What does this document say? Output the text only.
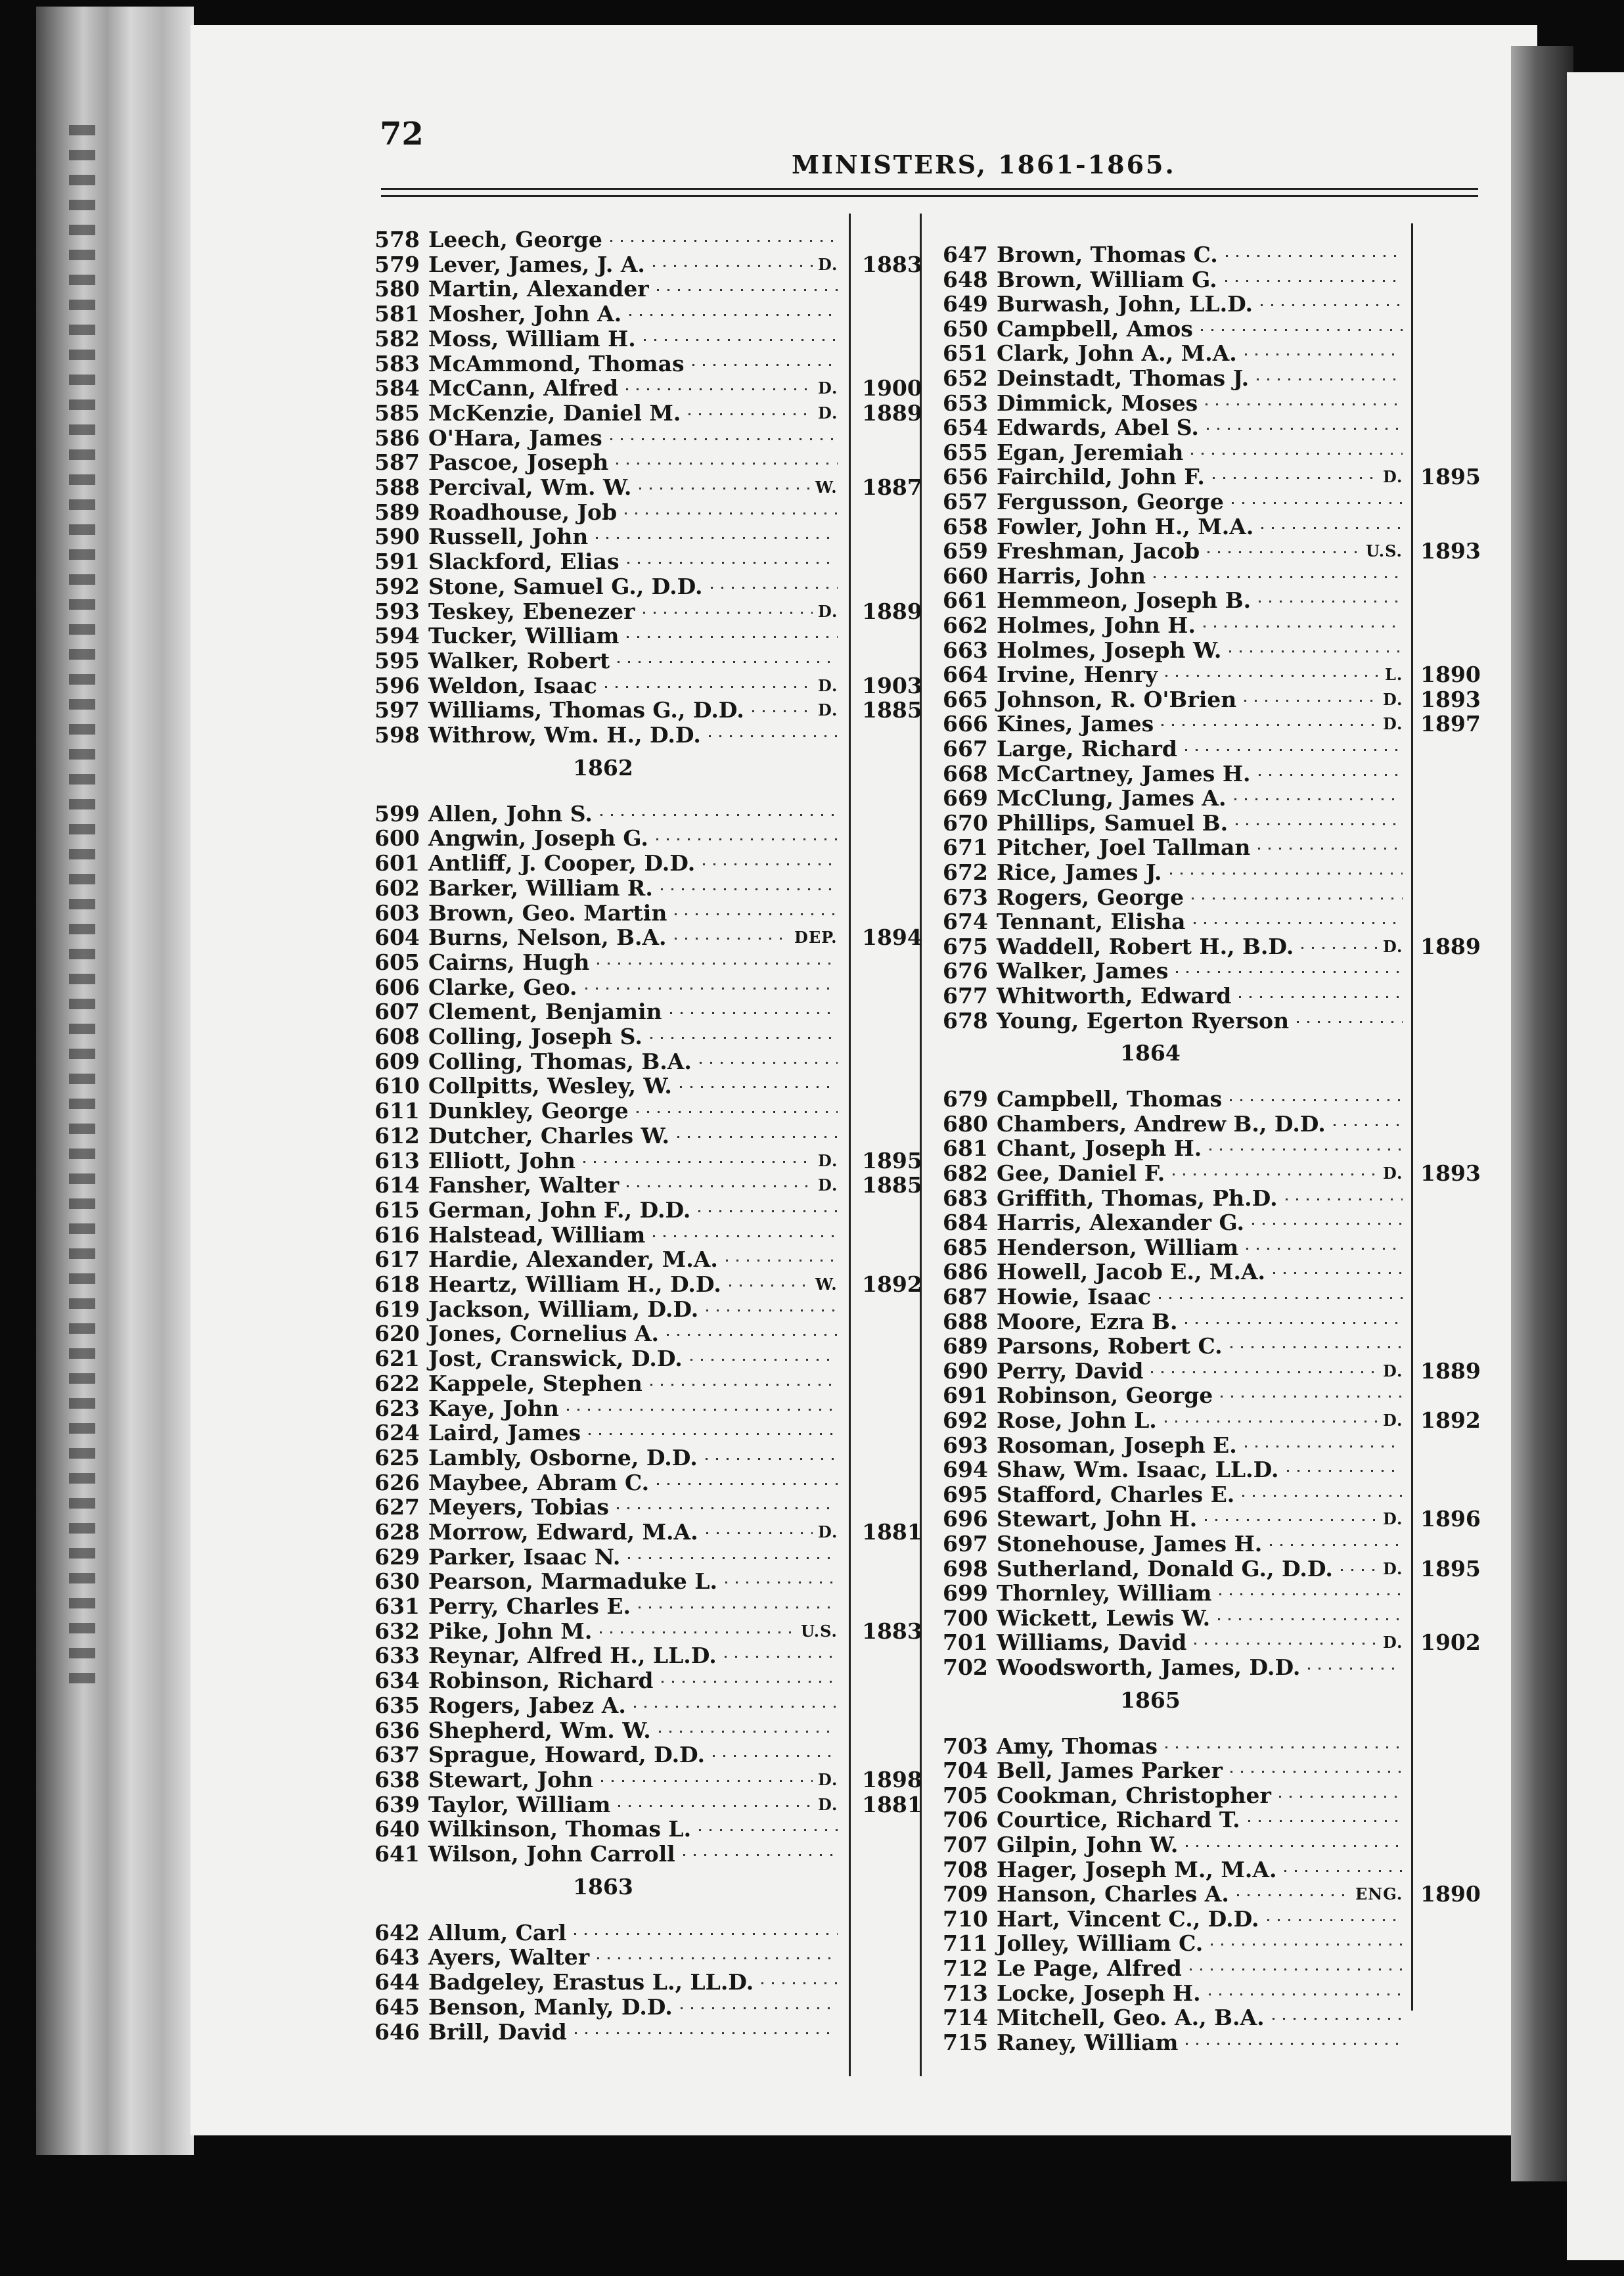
72
MINISTERS, 1861-1865.
578 Leech, George
579 Lever, James, J. A.	D. 1883
580 Martin, Alexander
581 Mosher, John A.
582 Moss, William H.
583 McAmmond, Thomas
584 McCann, Alfred	D. 1900
585 McKenzie, Daniel M.	D. 1889
586 O'Hara, James
587 Pascoe, Joseph
588 Percival, Wm. W.	W. 1887
589 Roadhouse, Job
590 Russell, John
591 Slackford, Elias
592 Stone, Samuel G., D.D.
593 Teskey, Ebenezer	D. 1889
594 Tucker, William
595 Walker, Robert
596 Weldon, Isaac	D. 1903
597 Williams, Thomas G., D.D.	D. 1885
598 Withrow, Wm. H., D.D.
599 Allen, John S.
600 Angwin, Joseph G.
601 Antliff, J. Cooper, D.D.
602 Barker, William R.
603 Brown, Geo. Martin
604 Burns, Nelson, B.A.	DEP. 1894
605 Cairns, Hugh
606 Clarke, Geo.
607 Clement, Benjamin
608 Colling, Joseph S.
609 Colling, Thomas, B.A.
610 Collpitts, Wesley, W.
611 Dunkley, George
612 Dutcher, Charles W.
613 Elliott, John	D. 1895
614 Fansher, Walter	D. 1885
615 German, John F., D.D.
616 Halstead, William
617 Hardie, Alexander, M.A.
618 Heartz, William H., D.D.	W. 1892
619 Jackson, William, D.D.
620 Jones, Cornelius A.
621 Jost, Cranswick, D.D.
622 Kappele, Stephen
623 Kaye, John
624 Laird, James
625 Lambly, Osborne, D.D.
626 Maybee, Abram C.
627 Meyers, Tobias
628 Morrow, Edward, M.A.	D. 1881
629 Parker, Isaac N.
630 Pearson, Marmaduke L.
631 Perry, Charles E.
632 Pike, John M.	U.S. 1883
633 Reynar, Alfred H., LL.D.
634 Robinson, Richard
635 Rogers, Jabez A.
636 Shepherd, Wm. W.
637 Sprague, Howard, D.D.
638 Stewart, John	D. 1898
639 Taylor, William	D. 1881
640 Wilkinson, Thomas L.
641 Wilson, John Carroll
642 Allum, Carl
643 Ayers, Walter
644 Badgeley, Erastus L., LL.D.
645 Benson, Manly, D.D.
646 Brill, David
647 Brown, Thomas C.
648 Brown, William G.
649 Burwash, John, LL.D.
650 Campbell, Amos
651 Clark, John A., M.A.
652 Deinstadt, Thomas J.
653 Dimmick, Moses
654 Edwards, Abel S.
655 Egan, Jeremiah
656 Fairchild, John F.	D. 1895
657 Fergusson, George
658 Fowler, John H., M.A.
659 Freshman, Jacob	U.S. 1893
660 Harris, John
661 Hemmeon, Joseph B.
662 Holmes, John H.
663 Holmes, Joseph W.
664 Irvine, Henry	L. 1890
665 Johnson, R. O'Brien	D. 1893
666 Kines, James	D. 1897
667 Large, Richard
668 McCartney, James H.
669 McClung, James A.
670 Phillips, Samuel B.
671 Pitcher, Joel Tallman
672 Rice, James J.
673 Rogers, George
674 Tennant, Elisha
675 Waddell, Robert H., B.D.	D. 1889
676 Walker, James
677 Whitworth, Edward
678 Young, Egerton Ryerson
679 Campbell, Thomas
680 Chambers, Andrew B., D.D.
681 Chant, Joseph H.
682 Gee, Daniel F.	D. 1893
683 Griffith, Thomas, Ph.D.
684 Harris, Alexander G.
685 Henderson, William
686 Howell, Jacob E., M.A.
687 Howie, Isaac
688 Moore, Ezra B.
689 Parsons, Robert C.
690 Perry, David	D. 1889
691 Robinson, George
692 Rose, John L.	D. 1892
693 Rosoman, Joseph E.
694 Shaw, Wm. Isaac, LL.D.
695 Stafford, Charles E.
696 Stewart, John H.	D. 1896
697 Stonehouse, James H.
698 Sutherland, Donald G., D.D.	D. 1895
699 Thornley, William
700 Wickett, Lewis W.
701 Williams, David	D. 1902
702 Woodsworth, James, D.D.
703 Amy, Thomas
704 Bell, James Parker
705 Cookman, Christopher
706 Courtice, Richard T.
707 Gilpin, John W.
708 Hager, Joseph M., M.A.
709 Hanson, Charles A.	ENG. 1890
710 Hart, Vincent C., D.D.
711 Jolley, William C.
712 Le Page, Alfred
713 Locke, Joseph H.
714 Mitchell, Geo. A., B.A.
715 Raney, William
1862
1863
1864
1865
